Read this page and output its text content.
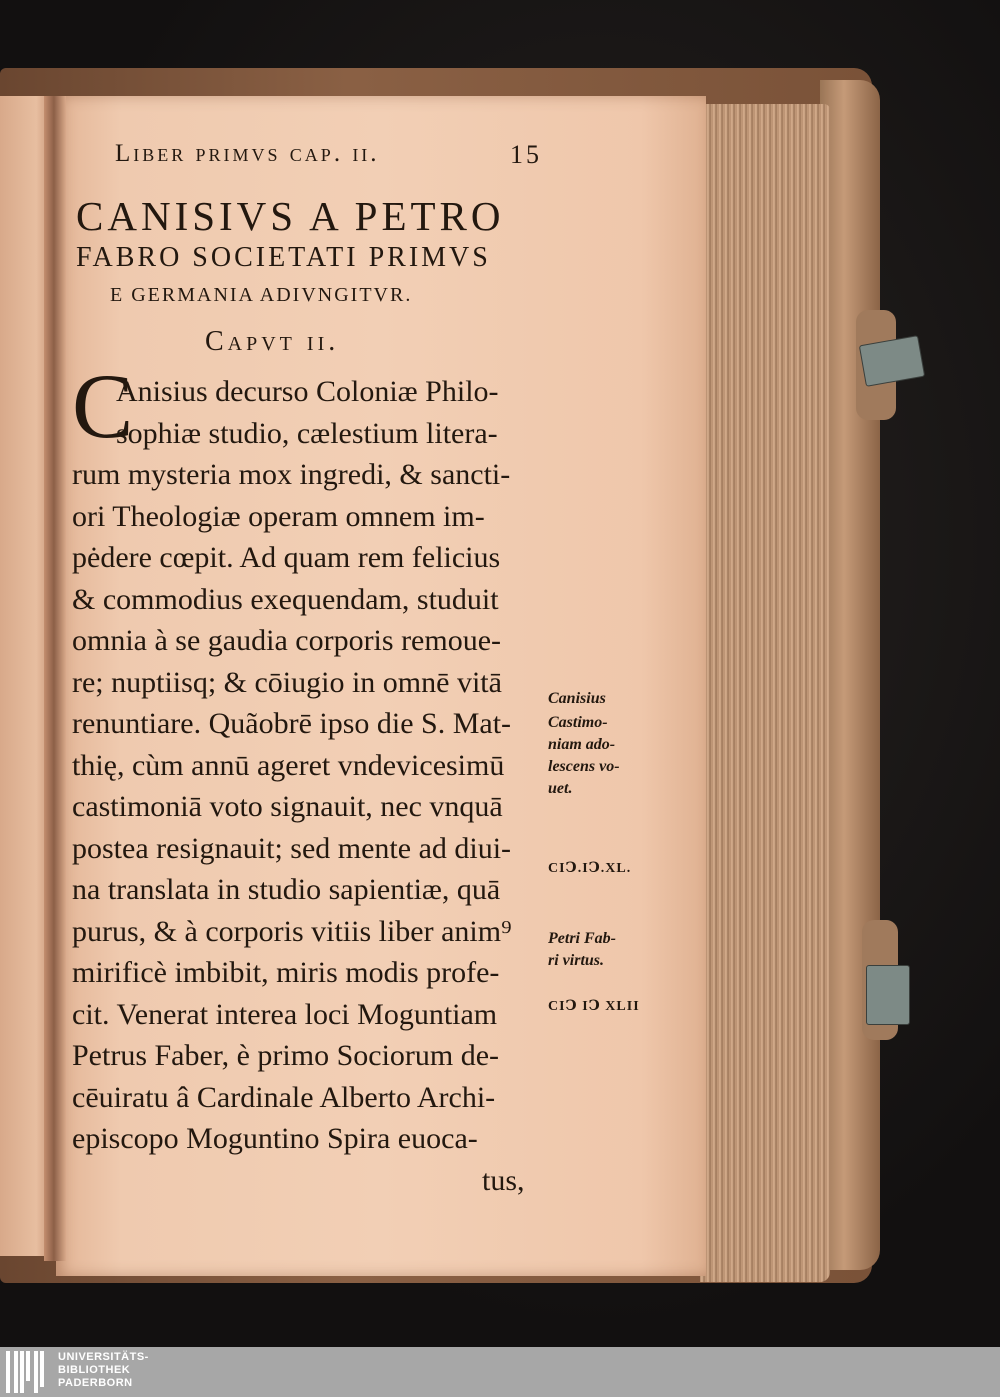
Liber primvs cap. ii.	15
CANISIVS A PETRO
FABRO SOCIETATI PRIMVS
E GERMANIA ADIVNGITVR.
Capvt ii.
C
Anisius decurso Coloniæ Philo-
sophiæ studio, cælestium litera-
rum mysteria mox ingredi, & sancti-
ori Theologiæ operam omnem im-
pėdere cœpit. Ad quam rem felicius
& commodius exequendam, studuit
omnia à se gaudia corporis remoue-
re; nuptiisq; & cōiugio in omnē vitā
renuntiare. Quãobrē ipso die S. Mat-
thię, cùm annū ageret vndevicesimū
castimoniā voto signauit, nec vnquā
postea resignauit; sed mente ad diui-
na translata in studio sapientiæ, quā
purus, & à corporis vitiis liber anim⁹
mirificè imbibit, miris modis profe-
cit. Venerat interea loci Moguntiam
Petrus Faber, è primo Sociorum de-
cēuiratu â Cardinale Alberto Archi-
episcopo Moguntino Spira euoca-
tus,
Canisius
Castimo-
niam ado-
lescens vo-
uet.
CIↃ.IↃ.XL.
Petri Fab-
ri virtus.
CIↃ IↃ XLII
UNIVERSITÄTS-
BIBLIOTHEK
PADERBORN
